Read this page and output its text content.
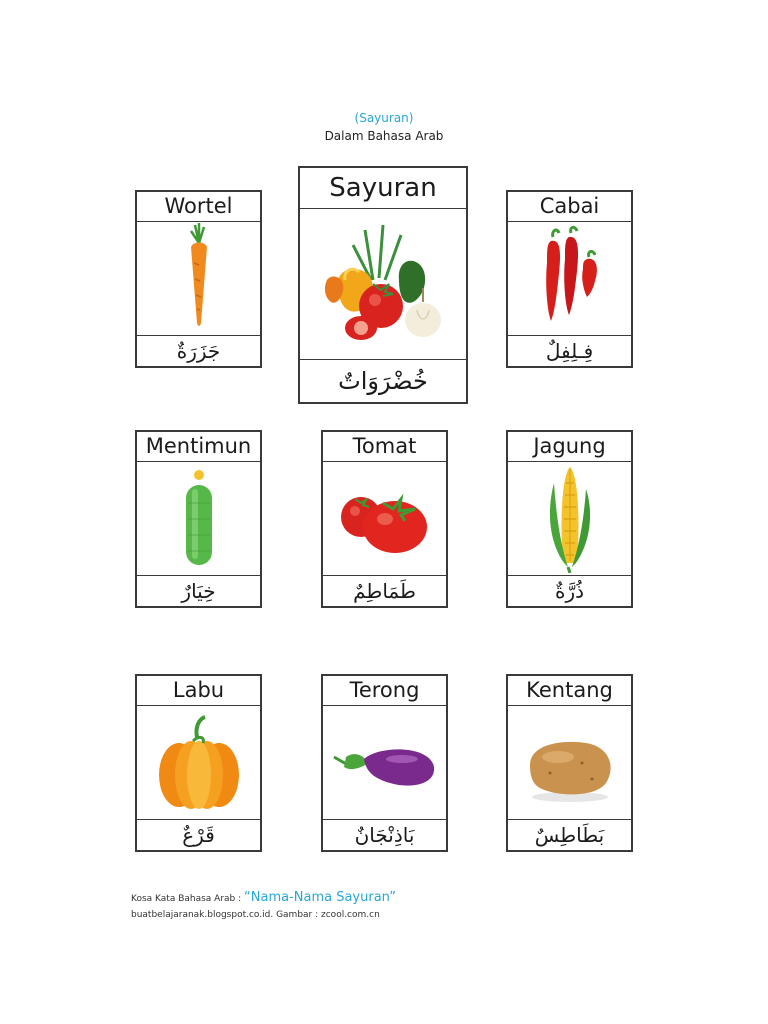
(Sayuran)
Dalam Bahasa Arab
Sayuran
خُضْرَوَاتٌ
Wortel
جَزَرَةٌ
Cabai
فِـلِفِلٌ
Mentimun
خِيَارٌ
Tomat
طَمَاطِمٌ
Jagung
ذُرَّةٌ
Labu
قَرْعٌ
Terong
بَاذِنْجَانٌ
Kentang
بَطَاطِسٌ
Kosa Kata Bahasa Arab : “Nama-Nama Sayuran”
buatbelajaranak.blogspot.co.id. Gambar : zcool.com.cn
